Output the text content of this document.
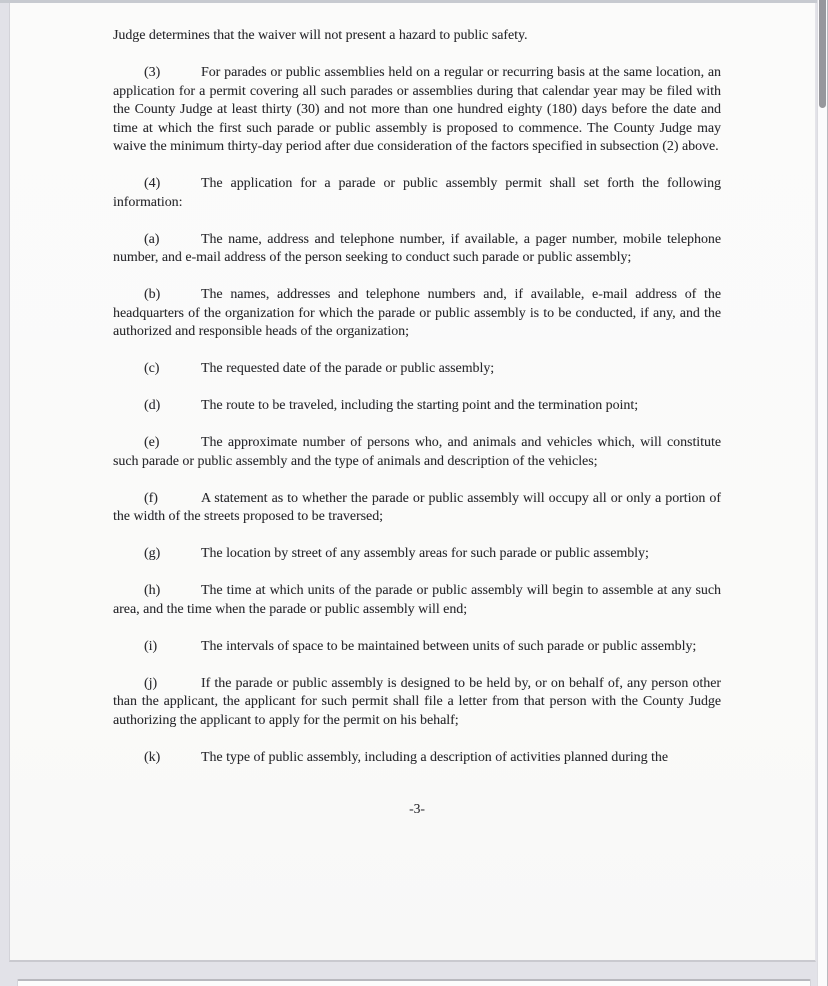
Judge determines that the waiver will not present a hazard to public safety.

(3)	For parades or public assemblies held on a regular or recurring basis at the same location, an application for a permit covering all such parades or assemblies during that calendar year may be filed with the County Judge at least thirty (30) and not more than one hundred eighty (180) days before the date and time at which the first such parade or public assembly is proposed to commence. The County Judge may waive the minimum thirty-day period after due consideration of the factors specified in subsection (2) above.

(4)	The application for a parade or public assembly permit shall set forth the following information:

(a)	The name, address and telephone number, if available, a pager number, mobile telephone number, and e-mail address of the person seeking to conduct such parade or public assembly;

(b)	The names, addresses and telephone numbers and, if available, e-mail address of the headquarters of the organization for which the parade or public assembly is to be conducted, if any, and the authorized and responsible heads of the organization;

(c)	The requested date of the parade or public assembly;

(d)	The route to be traveled, including the starting point and the termination point;

(e)	The approximate number of persons who, and animals and vehicles which, will constitute such parade or public assembly and the type of animals and description of the vehicles;

(f)	A statement as to whether the parade or public assembly will occupy all or only a portion of the width of the streets proposed to be traversed;

(g)	The location by street of any assembly areas for such parade or public assembly;

(h)	The time at which units of the parade or public assembly will begin to assemble at any such area, and the time when the parade or public assembly will end;

(i)	The intervals of space to be maintained between units of such parade or public assembly;

(j)	If the parade or public assembly is designed to be held by, or on behalf of, any person other than the applicant, the applicant for such permit shall file a letter from that person with the County Judge authorizing the applicant to apply for the permit on his behalf;

(k)	The type of public assembly, including a description of activities planned during the

-3-
